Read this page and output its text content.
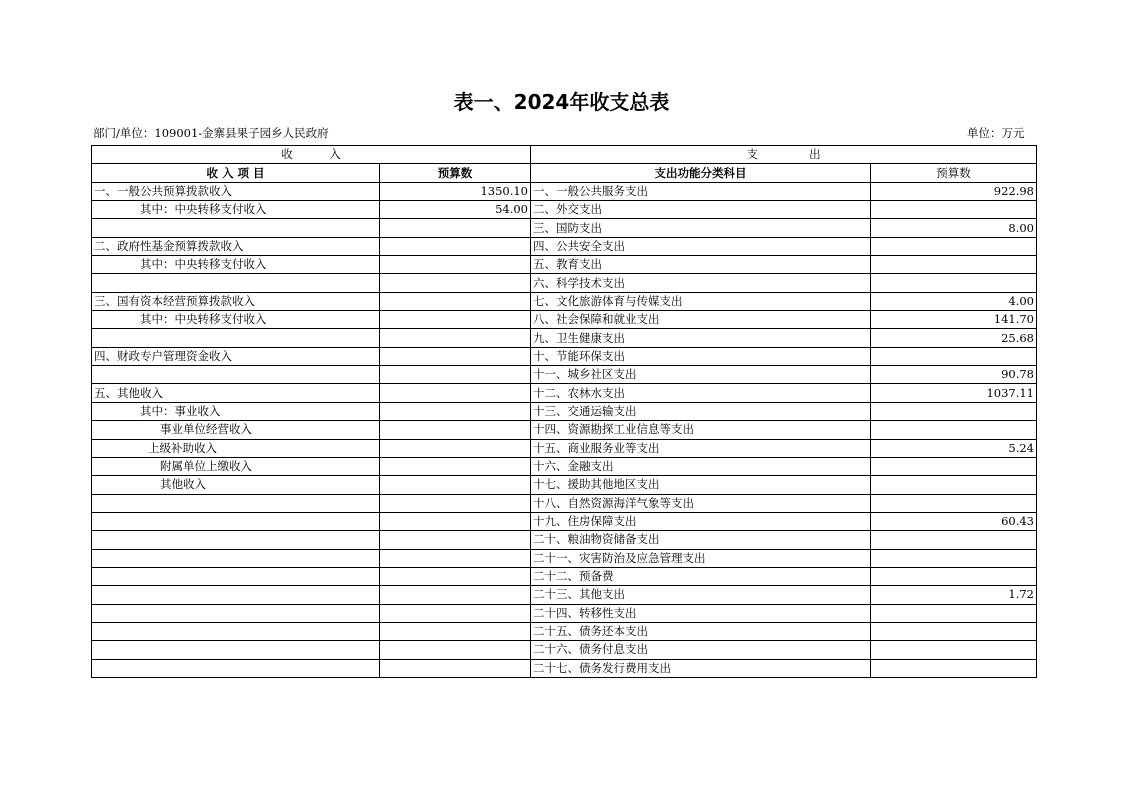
表一、2024年收支总表
部门/单位：109001-金寨县果子园乡人民政府	单位：万元
收          入		支              出	
收 入 项 目	预算数	支出功能分类科目	预算数
一、一般公共预算拨款收入	1350.10	一、一般公共服务支出	922.98

其中：中央转移支付收入	54.00	二、外交支出	

	三、国防支出	8.00

二、政府性基金预算拨款收入		四、公共安全支出	

其中：中央转移支付收入		五、教育支出	

	六、科学技术支出	

三、国有资本经营预算拨款收入		七、文化旅游体育与传媒支出	4.00

其中：中央转移支付收入		八、社会保障和就业支出	141.70

	九、卫生健康支出	25.68

四、财政专户管理资金收入		十、节能环保支出	

	十一、城乡社区支出	90.78

五、其他收入		十二、农林水支出	1037.11

其中：事业收入		十三、交通运输支出	

事业单位经营收入		十四、资源勘探工业信息等支出	

上级补助收入		十五、商业服务业等支出	5.24

附属单位上缴收入		十六、金融支出	

其他收入		十七、援助其他地区支出	

	十八、自然资源海洋气象等支出	

	十九、住房保障支出	60.43

	二十、粮油物资储备支出	

	二十一、灾害防治及应急管理支出	

	二十二、预备费	

	二十三、其他支出	1.72

	二十四、转移性支出	

	二十五、债务还本支出	

	二十六、债务付息支出	

	二十七、债务发行费用支出	
